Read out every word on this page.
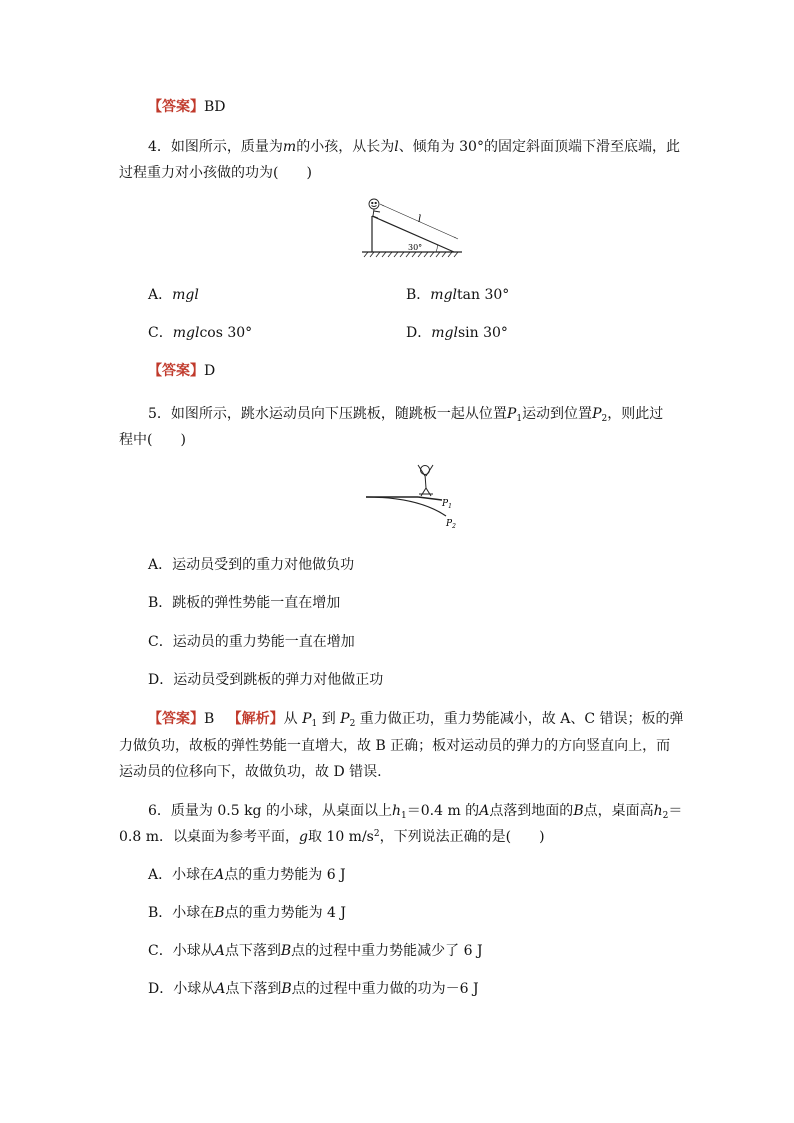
【答案】BD
4．如图所示，质量为m的小孩，从长为l、倾角为 30°的固定斜面顶端下滑至底端，此
过程重力对小孩做的功为(　　)
l
30°
A．mgl	B．mgltan 30°
C．mglcos 30°	D．mglsin 30°
【答案】D
5．如图所示，跳水运动员向下压跳板，随跳板一起从位置$P_1$运动到位置$P_2$，则此过
程中(　　)
$P_1$
$P_2$
A．运动员受到的重力对他做负功
B．跳板的弹性势能一直在增加
C．运动员的重力势能一直在增加
D．运动员受到跳板的弹力对他做正功
【答案】B 【解析】从 $P_1$ 到 $P_2$ 重力做正功，重力势能减小，故 A、C 错误；板的弹
力做负功，故板的弹性势能一直增大，故 B 正确；板对运动员的弹力的方向竖直向上，而
运动员的位移向下，故做负功，故 D 错误.
6．质量为 0.5 kg 的小球，从桌面以上$h_1=0.4$ m 的A点落到地面的B点，桌面高$h_2=$
0.8 m．以桌面为参考平面，g取 10 $m/s^2$，下列说法正确的是(　　)
A．小球在A点的重力势能为 6 J
B．小球在B点的重力势能为 4 J
C．小球从A点下落到B点的过程中重力势能减少了 6 J
D．小球从A点下落到B点的过程中重力做的功为－6 J
